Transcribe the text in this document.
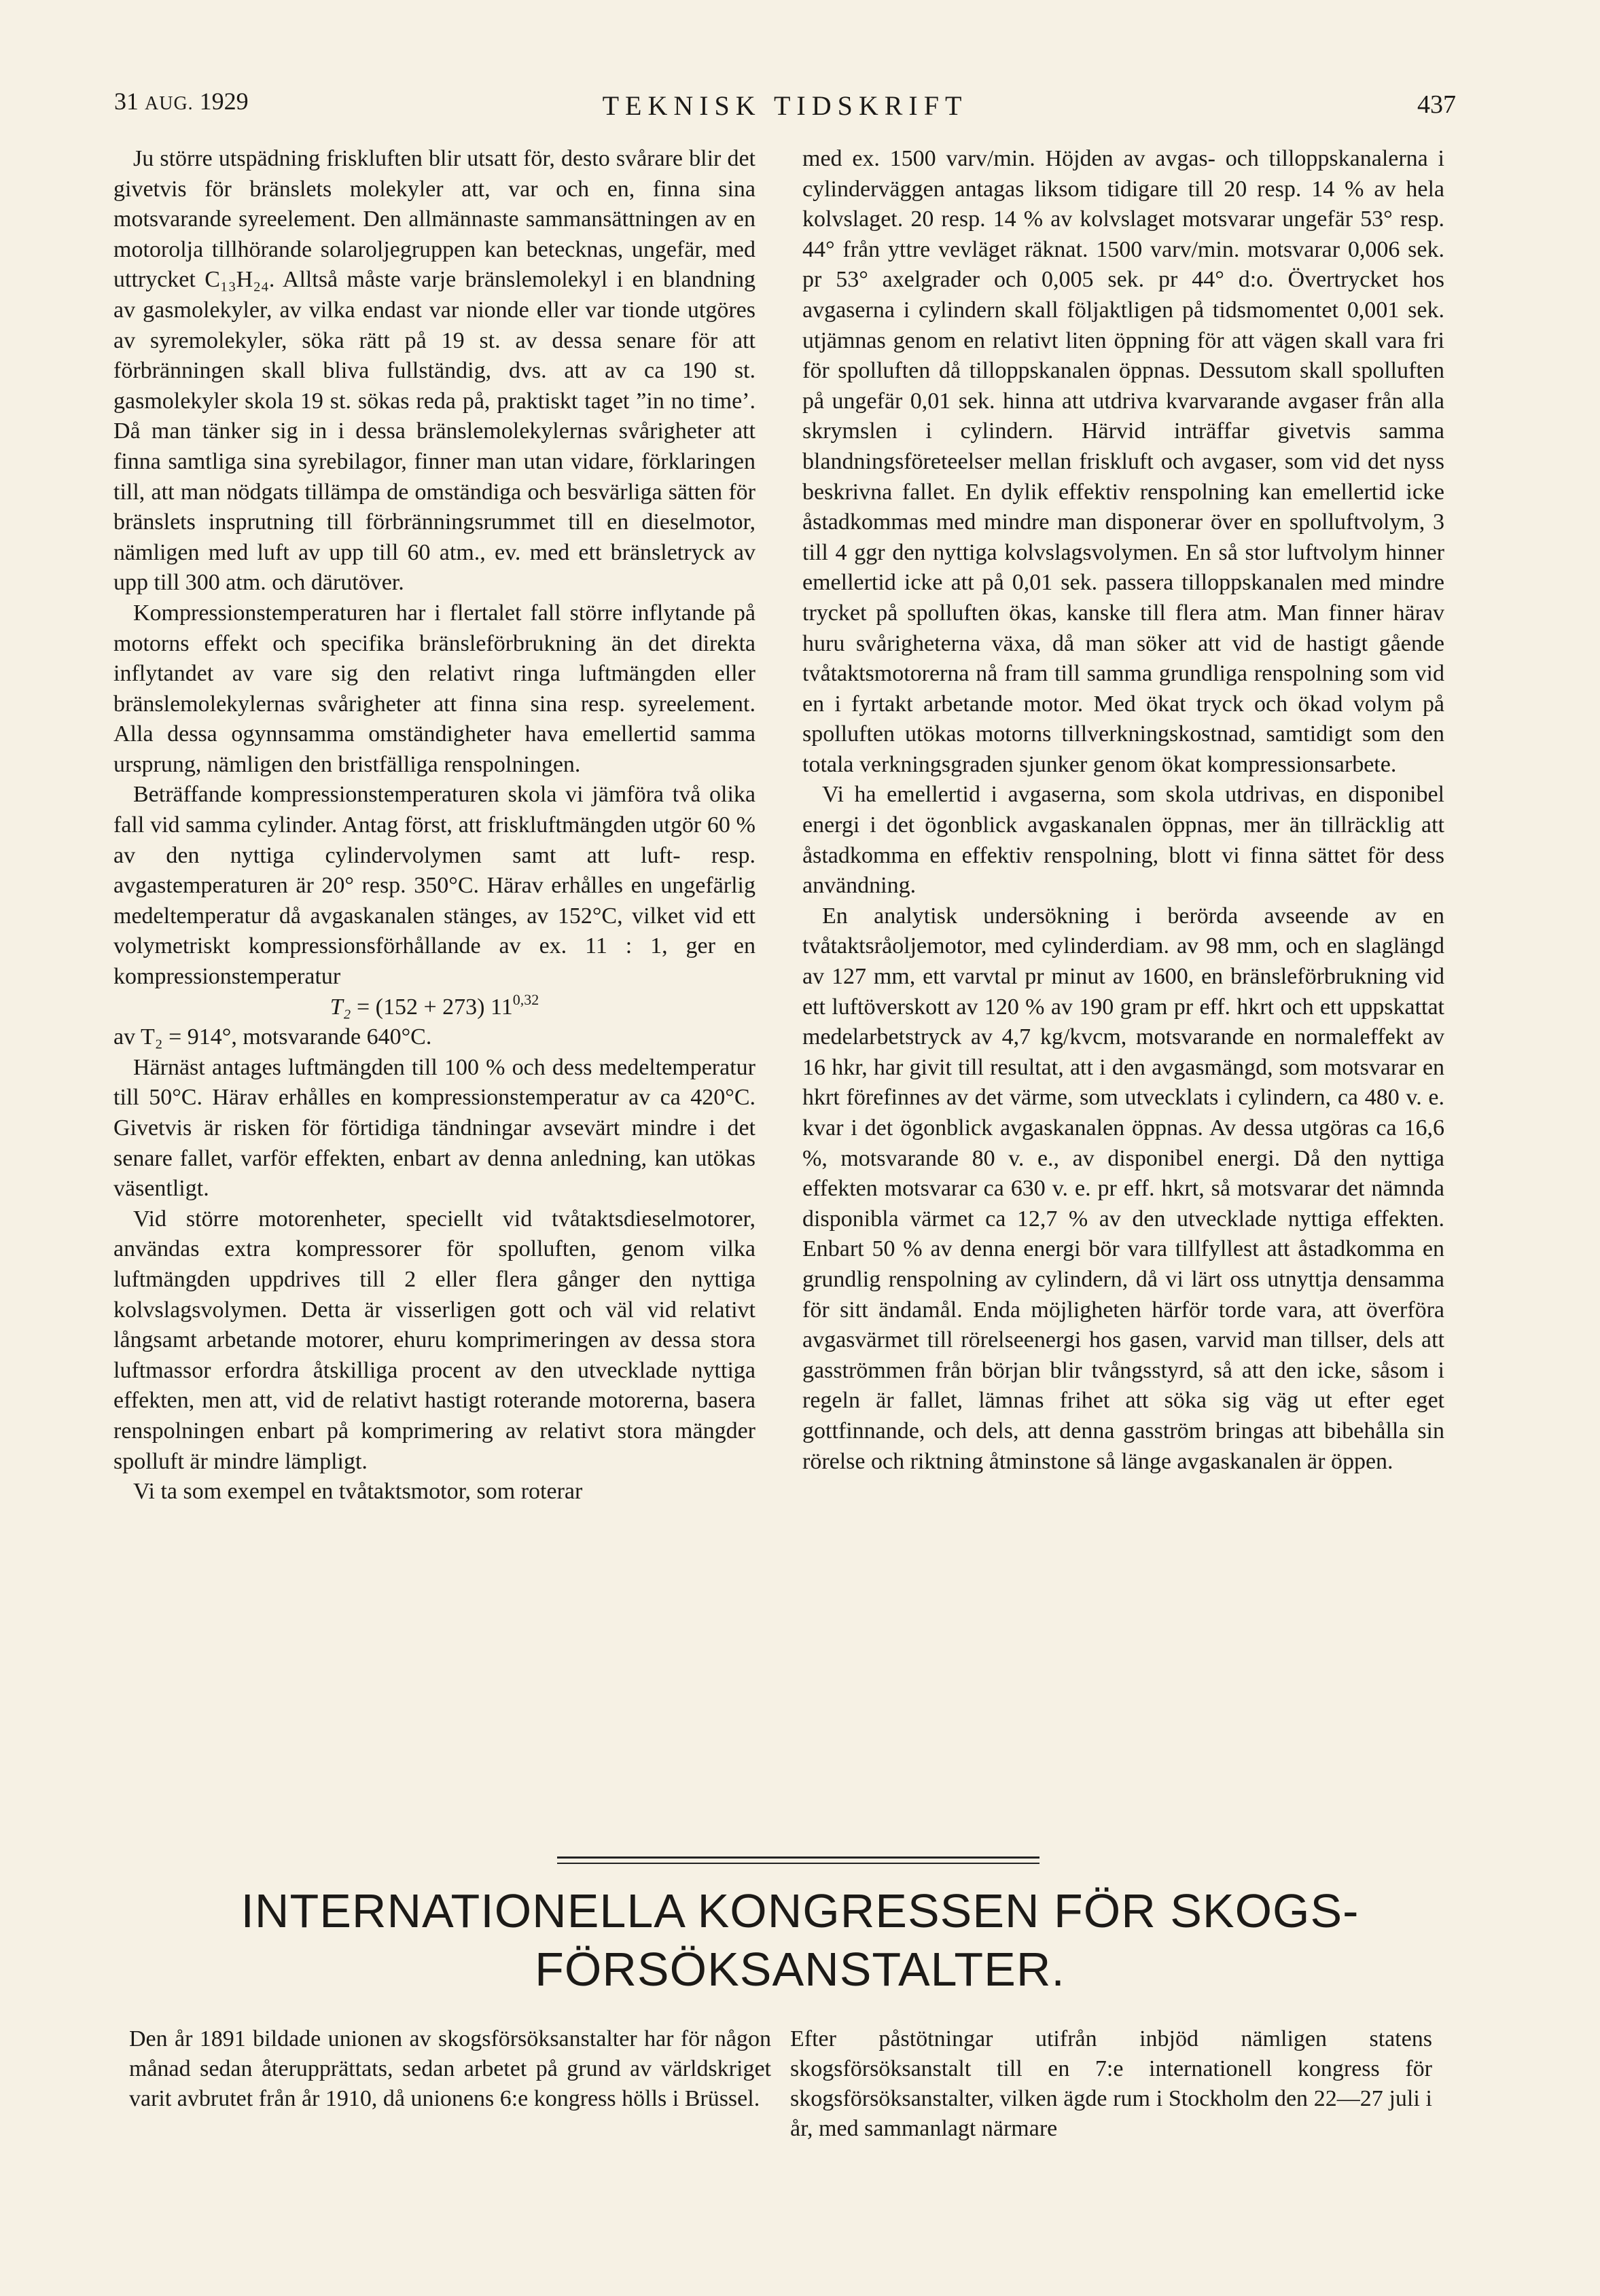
31 AUG. 1929	TEKNISK TIDSKRIFT	437

Ju större utspädning friskluften blir utsatt för, desto svårare blir det givetvis för bränslets molekyler att, var och en, finna sina motsvarande syreelement. Den allmännaste sammansättningen av en motorolja tillhörande solaroljegruppen kan betecknas, ungefär, med uttrycket C₁₃H₂₄. Alltså måste varje bränslemolekyl i en blandning av gasmolekyler, av vilka endast var nionde eller var tionde utgöres av syremolekyler, söka rätt på 19 st. av dessa senare för att förbränningen skall bliva fullständig, dvs. att av ca 190 st. gasmolekyler skola 19 st. sökas reda på, praktiskt taget ”in no time’. Då man tänker sig in i dessa bränslemolekylernas svårigheter att finna samtliga sina syrebilagor, finner man utan vidare, förklaringen till, att man nödgats tillämpa de omständiga och besvärliga sätten för bränslets insprutning till förbränningsrummet till en dieselmotor, nämligen med luft av upp till 60 atm., ev. med ett bränsletryck av upp till 300 atm. och därutöver.

Kompressionstemperaturen har i flertalet fall större inflytande på motorns effekt och specifika bränsleförbrukning än det direkta inflytandet av vare sig den relativt ringa luftmängden eller bränslemolekylernas svårigheter att finna sina resp. syreelement. Alla dessa ogynnsamma omständigheter hava emellertid samma ursprung, nämligen den bristfälliga renspolningen.

Beträffande kompressionstemperaturen skola vi jämföra två olika fall vid samma cylinder. Antag först, att friskluftmängden utgör 60 % av den nyttiga cylindervolymen samt att luft- resp. avgastemperaturen är 20° resp. 350°C. Härav erhålles en ungefärlig medeltemperatur då avgaskanalen stänges, av 152°C, vilket vid ett volymetriskt kompressionsförhållande av ex. 11 : 1, ger en kompressionstemperatur

T₂ = (152 + 273) 11$^{0,32}$

av T₂ = 914°, motsvarande 640°C.

Härnäst antages luftmängden till 100 % och dess medeltemperatur till 50°C. Härav erhålles en kompressionstemperatur av ca 420°C. Givetvis är risken för förtidiga tändningar avsevärt mindre i det senare fallet, varför effekten, enbart av denna anledning, kan utökas väsentligt.

Vid större motorenheter, speciellt vid tvåtaktsdieselmotorer, användas extra kompressorer för spolluften, genom vilka luftmängden uppdrives till 2 eller flera gånger den nyttiga kolvslagsvolymen. Detta är visserligen gott och väl vid relativt långsamt arbetande motorer, ehuru komprimeringen av dessa stora luftmassor erfordra åtskilliga procent av den utvecklade nyttiga effekten, men att, vid de relativt hastigt roterande motorerna, basera renspolningen enbart på komprimering av relativt stora mängder spolluft är mindre lämpligt.

Vi ta som exempel en tvåtaktsmotor, som roterar

med ex. 1500 varv/min. Höjden av avgas- och tilloppskanalerna i cylinderväggen antagas liksom tidigare till 20 resp. 14 % av hela kolvslaget. 20 resp. 14 % av kolvslaget motsvarar ungefär 53° resp. 44° från yttre vevläget räknat. 1500 varv/min. motsvarar 0,006 sek. pr 53° axelgrader och 0,005 sek. pr 44° d:o. Övertrycket hos avgaserna i cylindern skall följaktligen på tidsmomentet 0,001 sek. utjämnas genom en relativt liten öppning för att vägen skall vara fri för spolluften då tilloppskanalen öppnas. Dessutom skall spolluften på ungefär 0,01 sek. hinna att utdriva kvarvarande avgaser från alla skrymslen i cylindern. Härvid inträffar givetvis samma blandningsföreteelser mellan friskluft och avgaser, som vid det nyss beskrivna fallet. En dylik effektiv renspolning kan emellertid icke åstadkommas med mindre man disponerar över en spolluftvolym, 3 till 4 ggr den nyttiga kolvslagsvolymen. En så stor luftvolym hinner emellertid icke att på 0,01 sek. passera tilloppskanalen med mindre trycket på spolluften ökas, kanske till flera atm. Man finner härav huru svårigheterna växa, då man söker att vid de hastigt gående tvåtaktsmotorerna nå fram till samma grundliga renspolning som vid en i fyrtakt arbetande motor. Med ökat tryck och ökad volym på spolluften utökas motorns tillverkningskostnad, samtidigt som den totala verkningsgraden sjunker genom ökat kompressionsarbete.

Vi ha emellertid i avgaserna, som skola utdrivas, en disponibel energi i det ögonblick avgaskanalen öppnas, mer än tillräcklig att åstadkomma en effektiv renspolning, blott vi finna sättet för dess användning.

En analytisk undersökning i berörda avseende av en tvåtaktsråoljemotor, med cylinderdiam. av 98 mm, och en slaglängd av 127 mm, ett varvtal pr minut av 1600, en bränsleförbrukning vid ett luftöverskott av 120 % av 190 gram pr eff. hkrt och ett uppskattat medelarbetstryck av 4,7 kg/kvcm, motsvarande en normaleffekt av 16 hkr, har givit till resultat, att i den avgasmängd, som motsvarar en hkrt förefinnes av det värme, som utvecklats i cylindern, ca 480 v. e. kvar i det ögonblick avgaskanalen öppnas. Av dessa utgöras ca 16,6 %, motsvarande 80 v. e., av disponibel energi. Då den nyttiga effekten motsvarar ca 630 v. e. pr eff. hkrt, så motsvarar det nämnda disponibla värmet ca 12,7 % av den utvecklade nyttiga effekten. Enbart 50 % av denna energi bör vara tillfyllest att åstadkomma en grundlig renspolning av cylindern, då vi lärt oss utnyttja densamma för sitt ändamål. Enda möjligheten härför torde vara, att överföra avgasvärmet till rörelseenergi hos gasen, varvid man tillser, dels att gasströmmen från början blir tvångsstyrd, så att den icke, såsom i regeln är fallet, lämnas frihet att söka sig väg ut efter eget gottfinnande, och dels, att denna gasström bringas att bibehålla sin rörelse och riktning åtminstone så länge avgaskanalen är öppen.

INTERNATIONELLA KONGRESSEN FÖR SKOGS-
FÖRSÖKSANSTALTER.

Den år 1891 bildade unionen av skogsförsöksanstalter har för någon månad sedan återupprättats, sedan arbetet på grund av världskriget varit avbrutet från år 1910, då unionens 6:e kongress hölls i Brüssel.

Efter påstötningar utifrån inbjöd nämligen statens skogsförsöksanstalt till en 7:e internationell kongress för skogsförsöksanstalter, vilken ägde rum i Stockholm den 22—27 juli i år, med sammanlagt närmare
